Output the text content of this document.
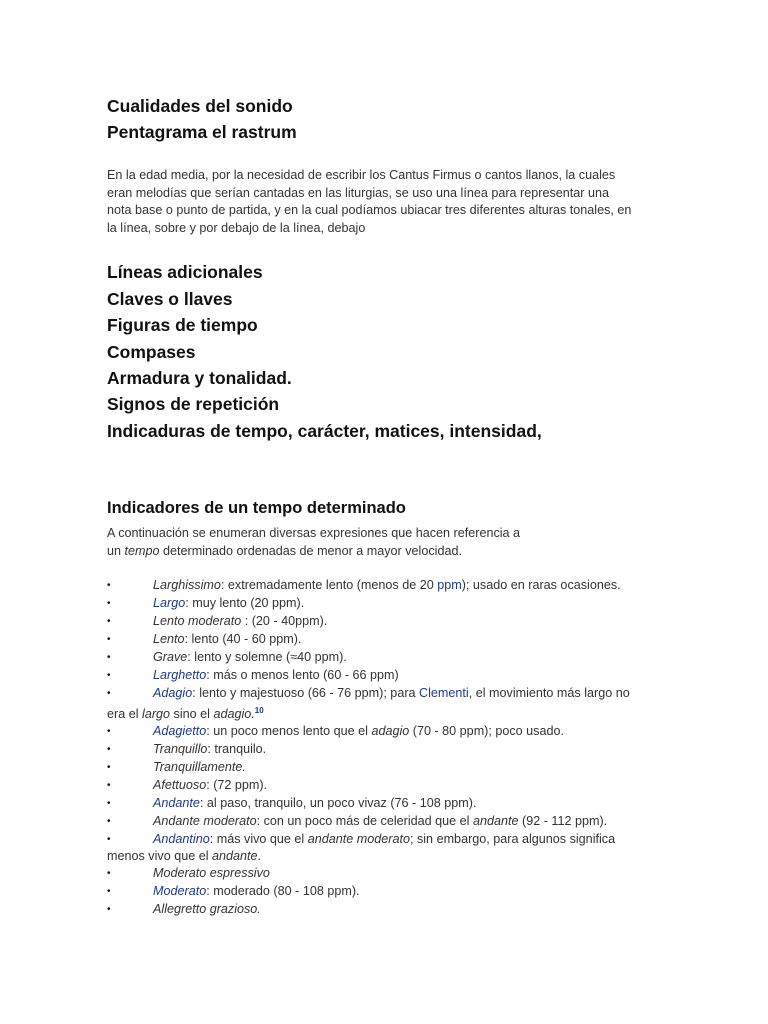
Cualidades del sonido
Pentagrama el rastrum

En la edad media, por la necesidad de escribir los Cantus Firmus o cantos llanos, la cuales
eran melodías que serían cantadas en las liturgias, se uso una línea para representar una
nota base o punto de partida, y en la cual podíamos ubiacar tres diferentes alturas tonales, en
la línea, sobre y por debajo de la línea, debajo

Líneas adicionales
Claves o llaves
Figuras de tiempo
Compases
Armadura y tonalidad.
Signos de repetición
Indicaduras de tempo, carácter, matices, intensidad,
Indicadores de un tempo determinado

A continuación se enumeran diversas expresiones que hacen referencia a
un tempo determinado ordenadas de menor a mayor velocidad.

•	Larghissimo: extremadamente lento (menos de 20 ppm); usado en raras ocasiones.
•	Largo: muy lento (20 ppm).
•	Lento moderato : (20 - 40ppm).
•	Lento: lento (40 - 60 ppm).
•	Grave: lento y solemne (≈40 ppm).
•	Larghetto: más o menos lento (60 - 66 ppm)
•	Adagio: lento y majestuoso (66 - 76 ppm); para Clementi, el movimiento más largo no
era el largo sino el adagio.$^{10}$
•	Adagietto: un poco menos lento que el adagio (70 - 80 ppm); poco usado.
•	Tranquillo: tranquilo.
•	Tranquillamente.
•	Afettuoso: (72 ppm).
•	Andante: al paso, tranquilo, un poco vivaz (76 - 108 ppm).
•	Andante moderato: con un poco más de celeridad que el andante (92 - 112 ppm).
•	Andantino: más vivo que el andante moderato; sin embargo, para algunos significa
menos vivo que el andante.
•	Moderato espressivo
•	Moderato: moderado (80 - 108 ppm).
•	Allegretto grazioso.
